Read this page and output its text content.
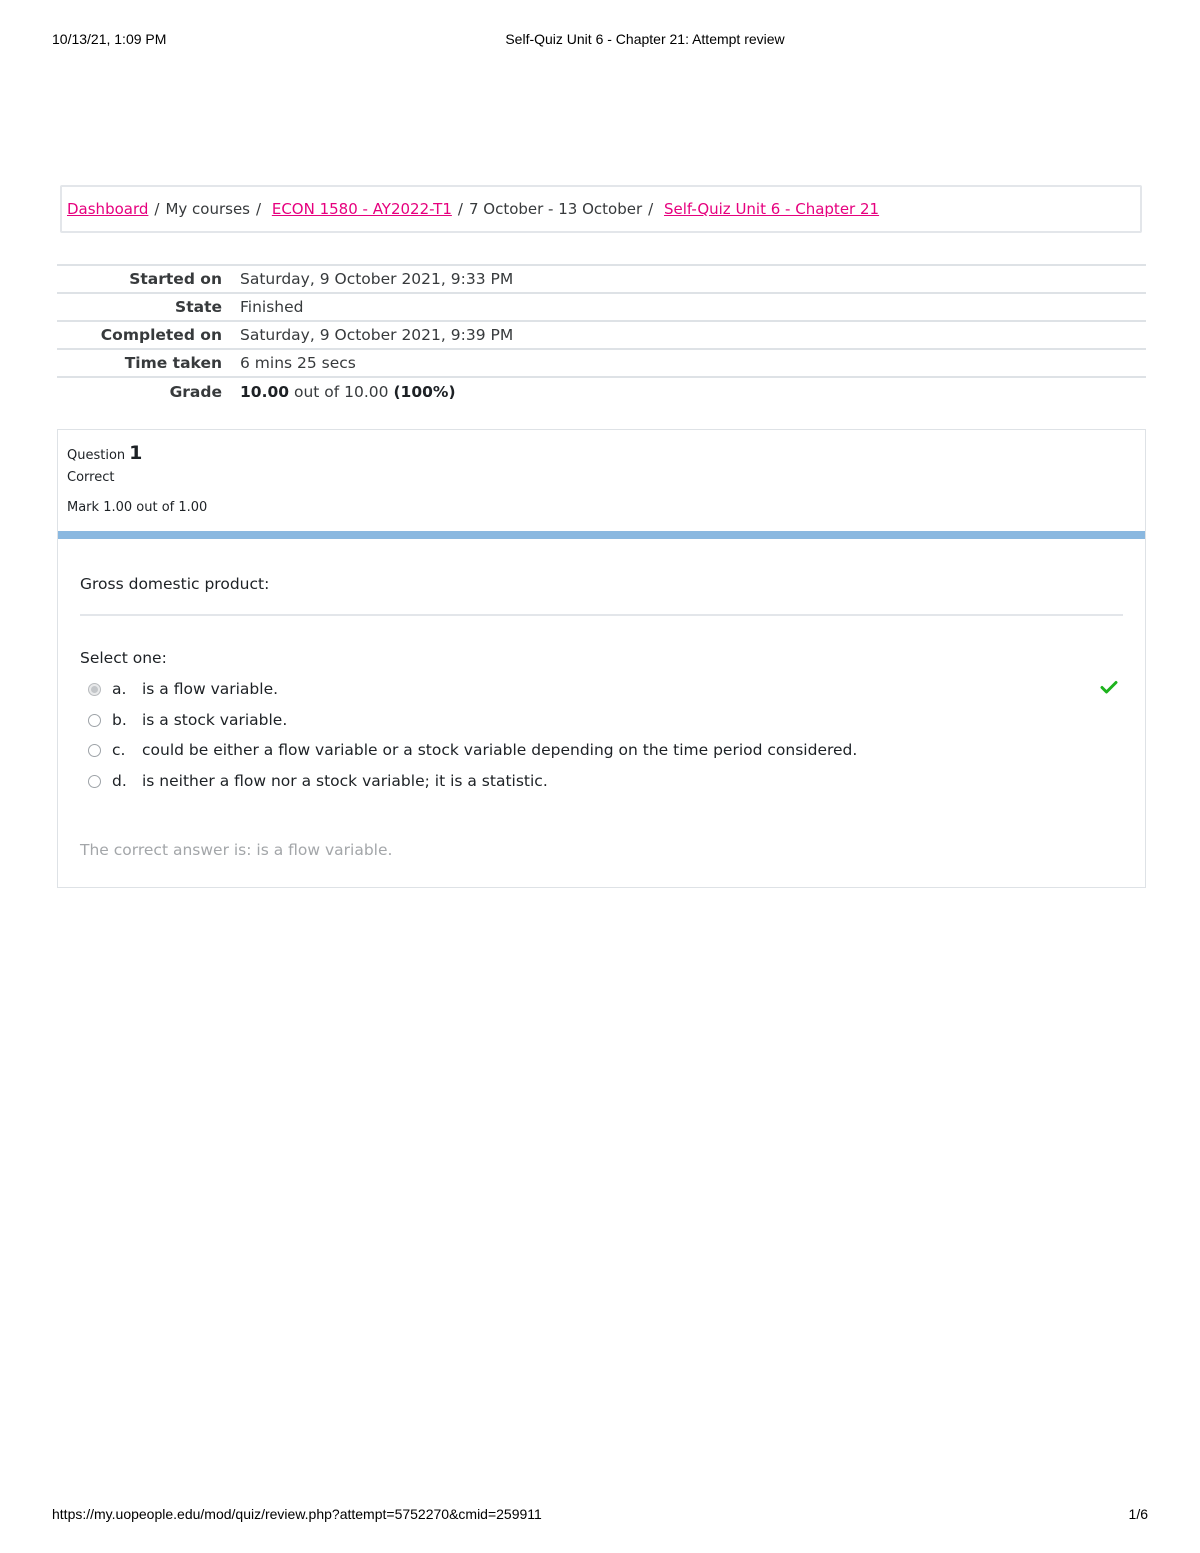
10/13/21, 1:09 PM	Self-Quiz Unit 6 - Chapter 21: Attempt review
Dashboard / My courses / ECON 1580 - AY2022-T1 / 7 October - 13 October / Self-Quiz Unit 6 - Chapter 21
Started on	Saturday, 9 October 2021, 9:33 PM
State	Finished
Completed on	Saturday, 9 October 2021, 9:39 PM
Time taken	6 mins 25 secs
Grade	10.00 out of 10.00 (100%)
Question 1
Correct
Mark 1.00 out of 1.00
Gross domestic product:
Select one:
a. is a flow variable.
b. is a stock variable.
c. could be either a flow variable or a stock variable depending on the time period considered.
d. is neither a flow nor a stock variable; it is a statistic.
The correct answer is: is a flow variable.
https://my.uopeople.edu/mod/quiz/review.php?attempt=5752270&cmid=259911	1/6
